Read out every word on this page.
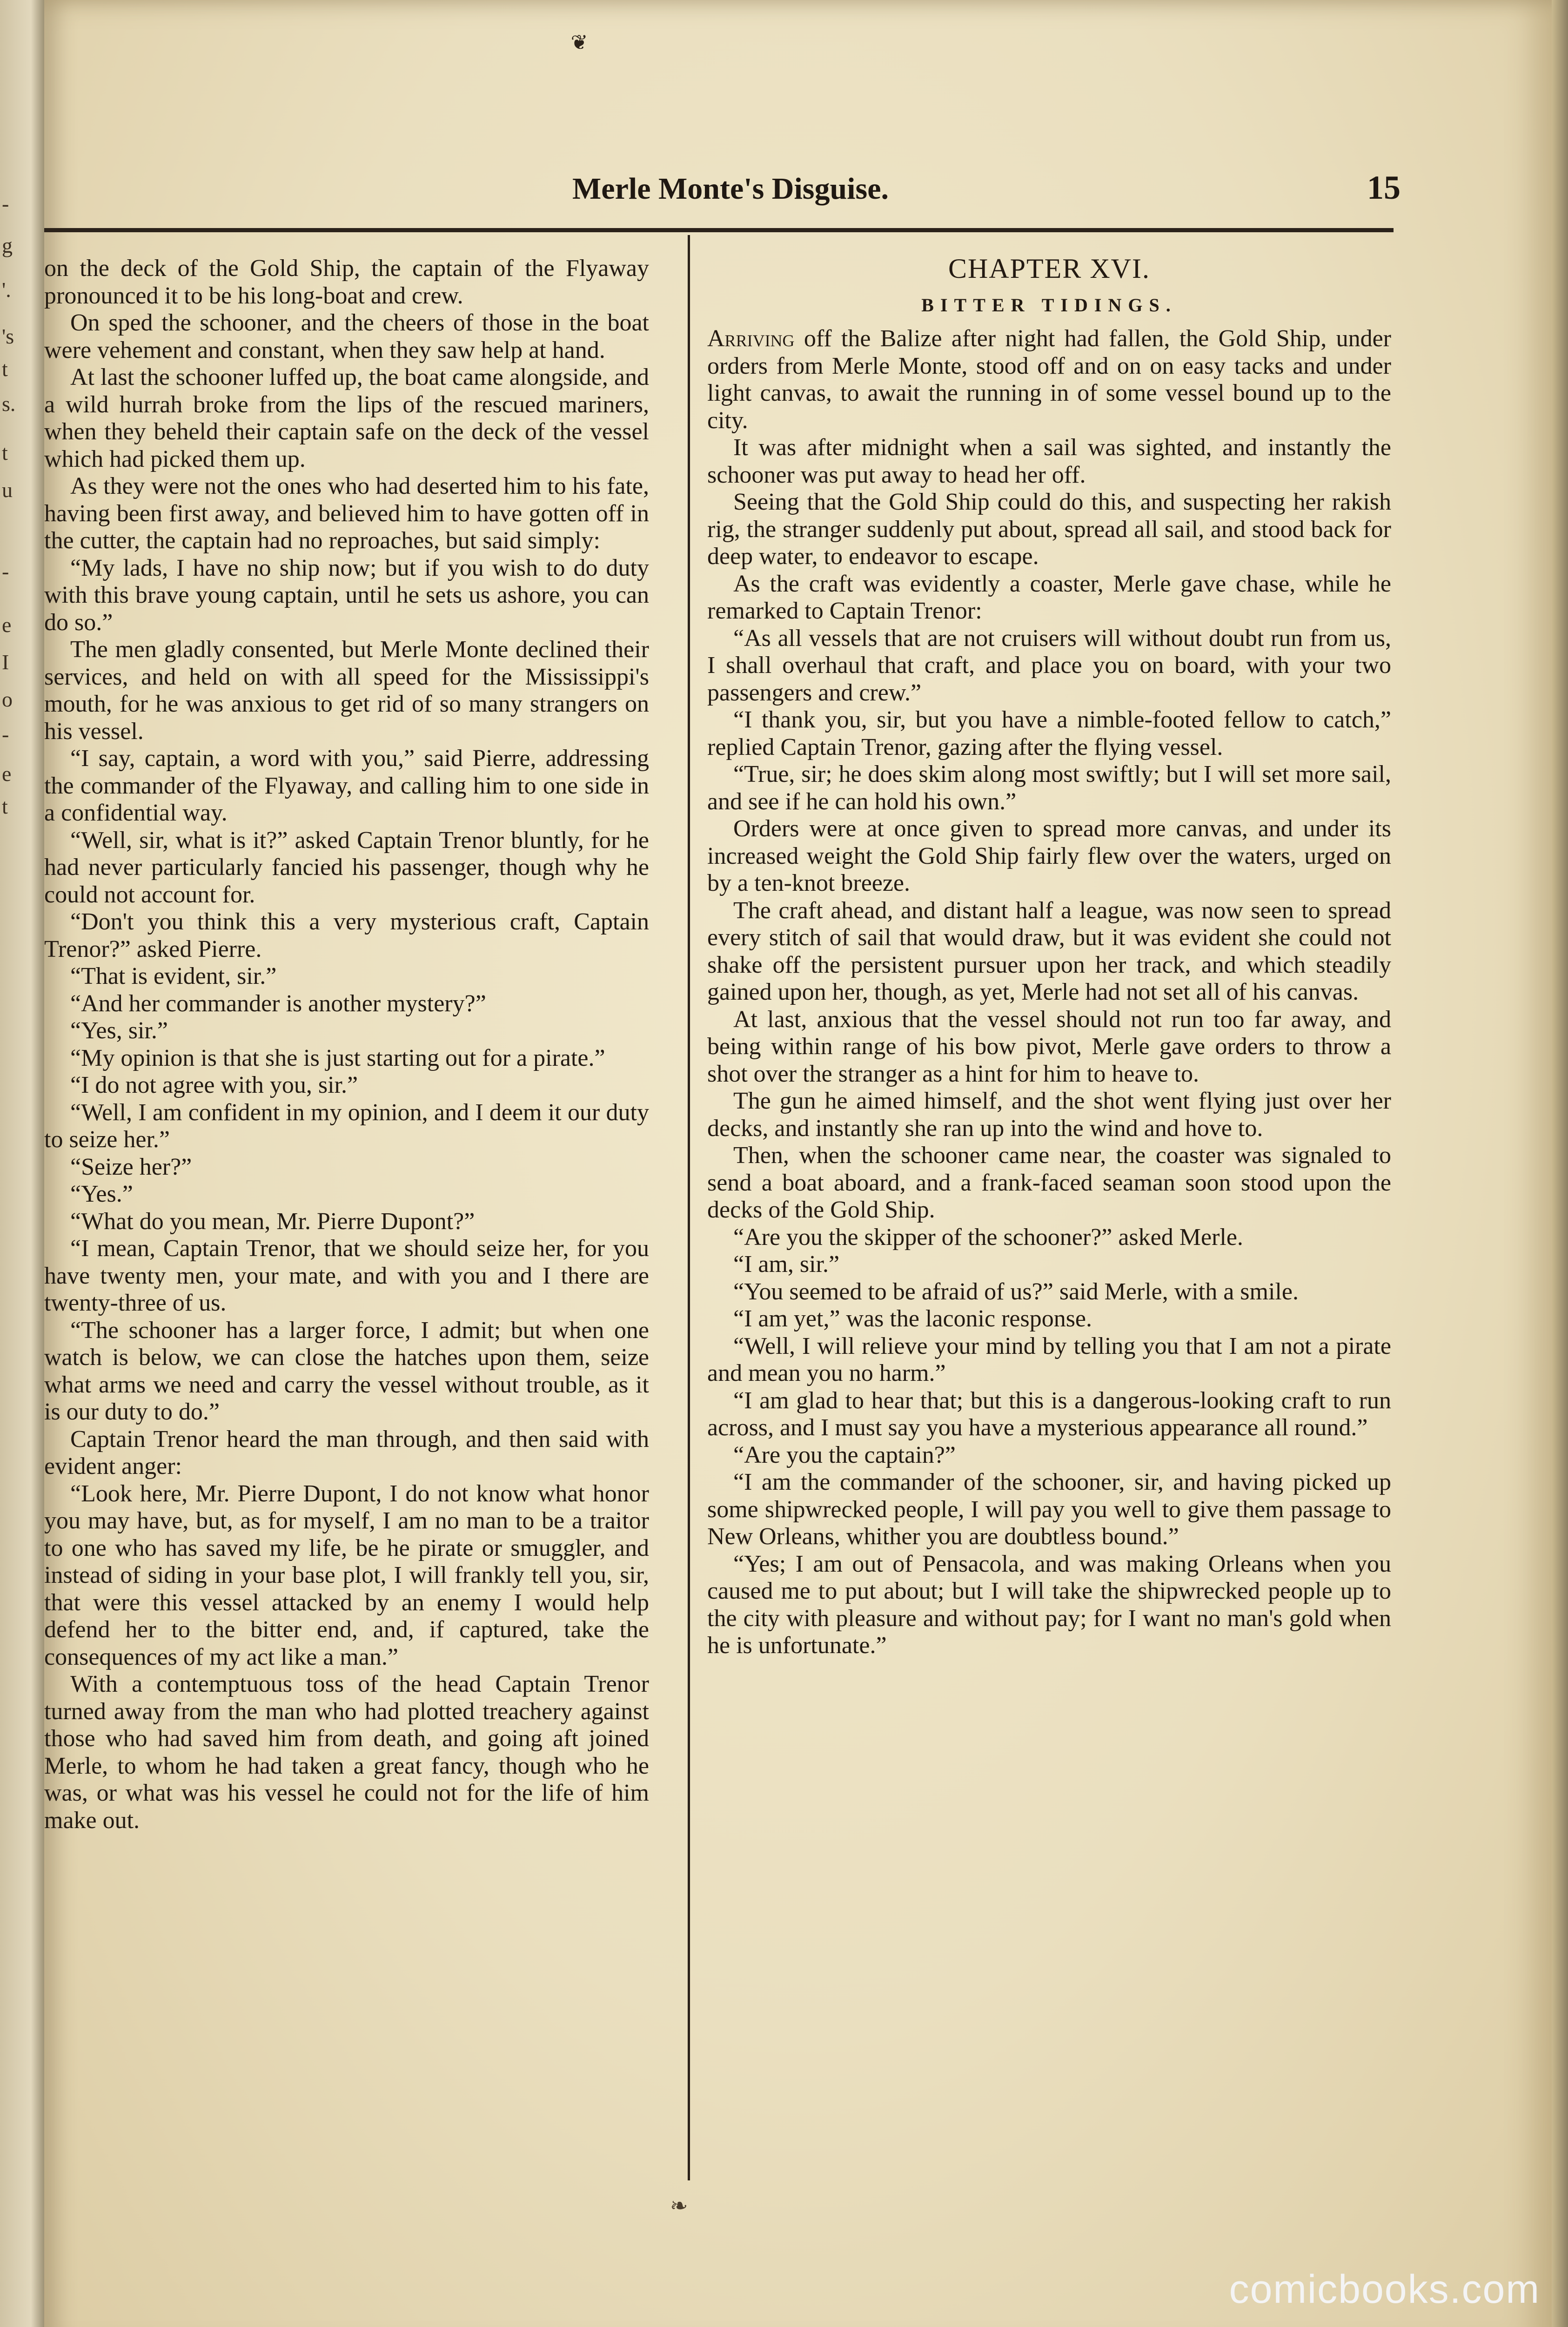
-
g
'.
's
t
s.
t
u
-
e
I
o
-
e
t
❦
Merle Monte's Disguise.	15

on the deck of the Gold Ship, the captain of the Flyaway pronounced it to be his long-boat and crew.

On sped the schooner, and the cheers of those in the boat were vehement and constant, when they saw help at hand.

At last the schooner luffed up, the boat came alongside, and a wild hurrah broke from the lips of the rescued mariners, when they beheld their captain safe on the deck of the vessel which had picked them up.

As they were not the ones who had deserted him to his fate, having been first away, and believed him to have gotten off in the cutter, the captain had no reproaches, but said simply:

“My lads, I have no ship now; but if you wish to do duty with this brave young captain, until he sets us ashore, you can do so.”

The men gladly consented, but Merle Monte declined their services, and held on with all speed for the Mississippi's mouth, for he was anxious to get rid of so many strangers on his vessel.

“I say, captain, a word with you,” said Pierre, addressing the commander of the Flyaway, and calling him to one side in a confidential way.

“Well, sir, what is it?” asked Captain Trenor bluntly, for he had never particularly fancied his passenger, though why he could not account for.

“Don't you think this a very mysterious craft, Captain Trenor?” asked Pierre.

“That is evident, sir.”

“And her commander is another mystery?”

“Yes, sir.”

“My opinion is that she is just starting out for a pirate.”

“I do not agree with you, sir.”

“Well, I am confident in my opinion, and I deem it our duty to seize her.”

“Seize her?”

“Yes.”

“What do you mean, Mr. Pierre Dupont?”

“I mean, Captain Trenor, that we should seize her, for you have twenty men, your mate, and with you and I there are twenty-three of us.

“The schooner has a larger force, I admit; but when one watch is below, we can close the hatches upon them, seize what arms we need and carry the vessel without trouble, as it is our duty to do.”

Captain Trenor heard the man through, and then said with evident anger:

“Look here, Mr. Pierre Dupont, I do not know what honor you may have, but, as for myself, I am no man to be a traitor to one who has saved my life, be he pirate or smuggler, and instead of siding in your base plot, I will frankly tell you, sir, that were this vessel attacked by an enemy I would help defend her to the bitter end, and, if captured, take the consequences of my act like a man.”

With a contemptuous toss of the head Captain Trenor turned away from the man who had plotted treachery against those who had saved him from death, and going aft joined Merle, to whom he had taken a great fancy, though who he was, or what was his vessel he could not for the life of him make out.

CHAPTER XVI.

BITTER TIDINGS.

Arriving off the Balize after night had fallen, the Gold Ship, under orders from Merle Monte, stood off and on on easy tacks and under light canvas, to await the running in of some vessel bound up to the city.

It was after midnight when a sail was sighted, and instantly the schooner was put away to head her off.

Seeing that the Gold Ship could do this, and suspecting her rakish rig, the stranger suddenly put about, spread all sail, and stood back for deep water, to endeavor to escape.

As the craft was evidently a coaster, Merle gave chase, while he remarked to Captain Trenor:

“As all vessels that are not cruisers will without doubt run from us, I shall overhaul that craft, and place you on board, with your two passengers and crew.”

“I thank you, sir, but you have a nimble-footed fellow to catch,” replied Captain Trenor, gazing after the flying vessel.

“True, sir; he does skim along most swiftly; but I will set more sail, and see if he can hold his own.”

Orders were at once given to spread more canvas, and under its increased weight the Gold Ship fairly flew over the waters, urged on by a ten-knot breeze.

The craft ahead, and distant half a league, was now seen to spread every stitch of sail that would draw, but it was evident she could not shake off the persistent pursuer upon her track, and which steadily gained upon her, though, as yet, Merle had not set all of his canvas.

At last, anxious that the vessel should not run too far away, and being within range of his bow pivot, Merle gave orders to throw a shot over the stranger as a hint for him to heave to.

The gun he aimed himself, and the shot went flying just over her decks, and instantly she ran up into the wind and hove to.

Then, when the schooner came near, the coaster was signaled to send a boat aboard, and a frank-faced seaman soon stood upon the decks of the Gold Ship.

“Are you the skipper of the schooner?” asked Merle.

“I am, sir.”

“You seemed to be afraid of us?” said Merle, with a smile.

“I am yet,” was the laconic response.

“Well, I will relieve your mind by telling you that I am not a pirate and mean you no harm.”

“I am glad to hear that; but this is a dangerous-looking craft to run across, and I must say you have a mysterious appearance all round.”

“Are you the captain?”

“I am the commander of the schooner, sir, and having picked up some shipwrecked people, I will pay you well to give them passage to New Orleans, whither you are doubtless bound.”

“Yes; I am out of Pensacola, and was making Orleans when you caused me to put about; but I will take the shipwrecked people up to the city with pleasure and without pay; for I want no man's gold when he is unfortunate.”

❧
comicbooks.com
